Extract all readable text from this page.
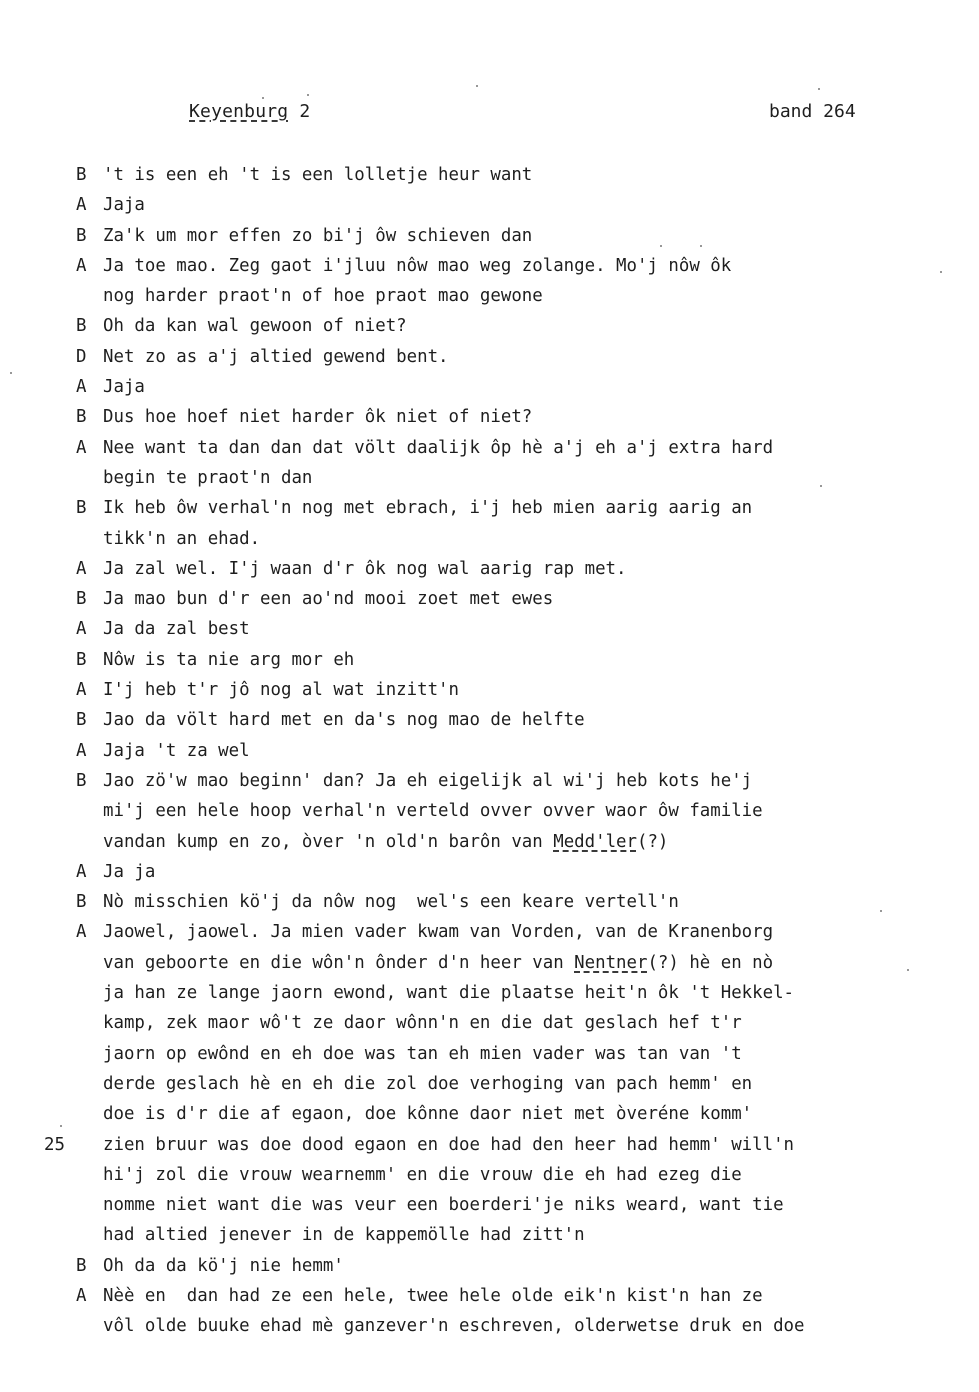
Keyenburg 2	band 264
B 't is een eh 't is een lolletje heur want
A Jaja
B Za'k um mor effen zo bi'j ôw schieven dan
A Ja toe mao. Zeg gaot i'jluu nôw mao weg zolange. Mo'j nôw ôk
nog harder praot'n of hoe praot mao gewone
B Oh da kan wal gewoon of niet?
D Net zo as a'j altied gewend bent.
A Jaja
B Dus hoe hoef niet harder ôk niet of niet?
A Nee want ta dan dan dat völt daalijk ôp hè a'j eh a'j extra hard
begin te praot'n dan
B Ik heb ôw verhal'n nog met ebrach, i'j heb mien aarig aarig an
tikk'n an ehad.
A Ja zal wel. I'j waan d'r ôk nog wal aarig rap met.
B Ja mao bun d'r een ao'nd mooi zoet met ewes
A Ja da zal best
B Nôw is ta nie arg mor eh
A I'j heb t'r jô nog al wat inzitt'n
B Jao da völt hard met en da's nog mao de helfte
A Jaja 't za wel
B Jao zö'w mao beginn' dan? Ja eh eigelijk al wi'j heb kots he'j
mi'j een hele hoop verhal'n verteld ovver ovver waor ôw familie
vandan kump en zo, òver 'n old'n barôn van Medd'ler(?)
A Ja ja
B Nò misschien kö'j da nôw nog  wel's een keare vertell'n
A Jaowel, jaowel. Ja mien vader kwam van Vorden, van de Kranenborg
van geboorte en die wôn'n ônder d'n heer van Nentner(?) hè en nò
ja han ze lange jaorn ewond, want die plaatse heit'n ôk 't Hekkel-
kamp, zek maor wô't ze daor wônn'n en die dat geslach hef t'r
jaorn op ewônd en eh doe was tan eh mien vader was tan van 't
derde geslach hè en eh die zol doe verhoging van pach hemm' en
doe is d'r die af egaon, doe kônne daor niet met òveréne komm'
25	zien bruur was doe dood egaon en doe had den heer had hemm' will'n
hi'j zol die vrouw wearnemm' en die vrouw die eh had ezeg die
nomme niet want die was veur een boerderi'je niks weard, want tie
had altied jenever in de kappemölle had zitt'n
B Oh da da kö'j nie hemm'
A Nèè en  dan had ze een hele, twee hele olde eik'n kist'n han ze
vôl olde buuke ehad mè ganzever'n eschreven, olderwetse druk en doe
